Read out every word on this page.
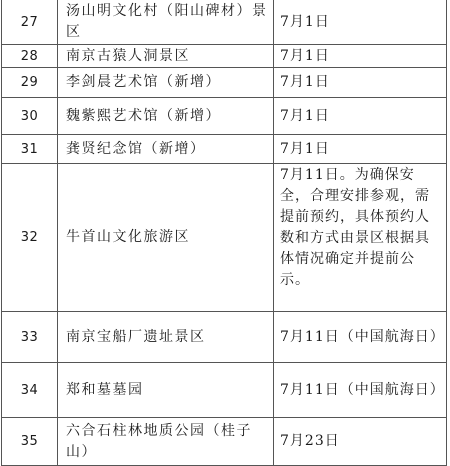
27	汤山明文化村（阳山碑材）景区	7月1日
28	南京古猿人洞景区	7月1日
29	李剑晨艺术馆（新增）	7月1日
30	魏紫熙艺术馆（新增）	7月1日
31	龚贤纪念馆（新增）	7月1日
32	牛首山文化旅游区	7月11日。为确保安全，合理安排参观，需提前预约，具体预约人数和方式由景区根据具体情况确定并提前公示。
33	南京宝船厂遗址景区	7月11日（中国航海日）
34	郑和墓墓园	7月11日（中国航海日）
35	六合石柱林地质公园（桂子山）	7月23日
